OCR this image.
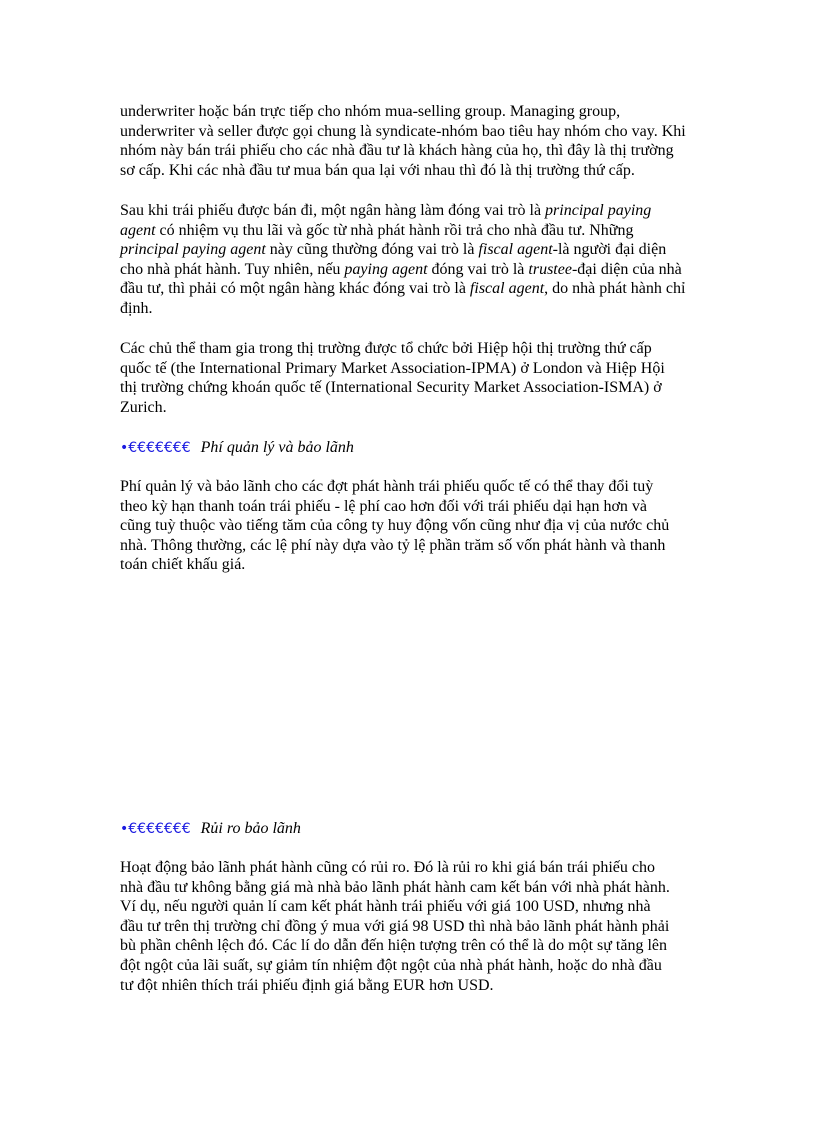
underwriter hoặc bán trực tiếp cho nhóm mua-selling group. Managing group,
underwriter và seller được gọi chung là syndicate-nhóm bao tiêu hay nhóm cho vay. Khi
nhóm này bán trái phiếu cho các nhà đầu tư là khách hàng của họ, thì đây là thị trường
sơ cấp. Khi các nhà đầu tư mua bán qua lại với nhau thì đó là thị trường thứ cấp.
Sau khi trái phiếu được bán đi, một ngân hàng làm đóng vai trò là principal paying
agent có nhiệm vụ thu lãi và gốc từ nhà phát hành rồi trả cho nhà đầu tư. Những
principal paying agent này cũng thường đóng vai trò là fiscal agent-là người đại diện
cho nhà phát hành. Tuy nhiên, nếu paying agent đóng vai trò là trustee-đại diện của nhà
đầu tư, thì phải có một ngân hàng khác đóng vai trò là fiscal agent, do nhà phát hành chỉ
định.
Các chủ thể tham gia trong thị trường được tổ chức bởi Hiệp hội thị trường thứ cấp
quốc tế (the International Primary Market Association-IPMA) ở London và Hiệp Hội
thị trường chứng khoán quốc tế (International Security Market Association-ISMA) ở
Zurich.
•€€€€€€€ Phí quản lý và bảo lãnh
Phí quản lý và bảo lãnh cho các đợt phát hành trái phiếu quốc tế có thể thay đổi tuỳ
theo kỳ hạn thanh toán trái phiếu - lệ phí cao hơn đối với trái phiếu dại hạn hơn và
cũng tuỳ thuộc vào tiếng tăm của công ty huy động vốn cũng như địa vị của nước chủ
nhà. Thông thường, các lệ phí này dựa vào tỷ lệ phần trăm số vốn phát hành và thanh
toán chiết khấu giá.
•€€€€€€€ Rủi ro bảo lãnh
Hoạt động bảo lãnh phát hành cũng có rủi ro. Đó là rủi ro khi giá bán trái phiếu cho
nhà đầu tư không bằng giá mà nhà bảo lãnh phát hành cam kết bán với nhà phát hành.
Ví dụ, nếu người quản lí cam kết phát hành trái phiếu với giá 100 USD, nhưng nhà
đầu tư trên thị trường chỉ đồng ý mua với giá 98 USD thì nhà bảo lãnh phát hành phải
bù phần chênh lệch đó. Các lí do dẫn đến hiện tượng trên có thể là do một sự tăng lên
đột ngột của lãi suất, sự giảm tín nhiệm đột ngột của nhà phát hành, hoặc do nhà đầu
tư đột nhiên thích trái phiếu định giá bằng EUR hơn USD.
